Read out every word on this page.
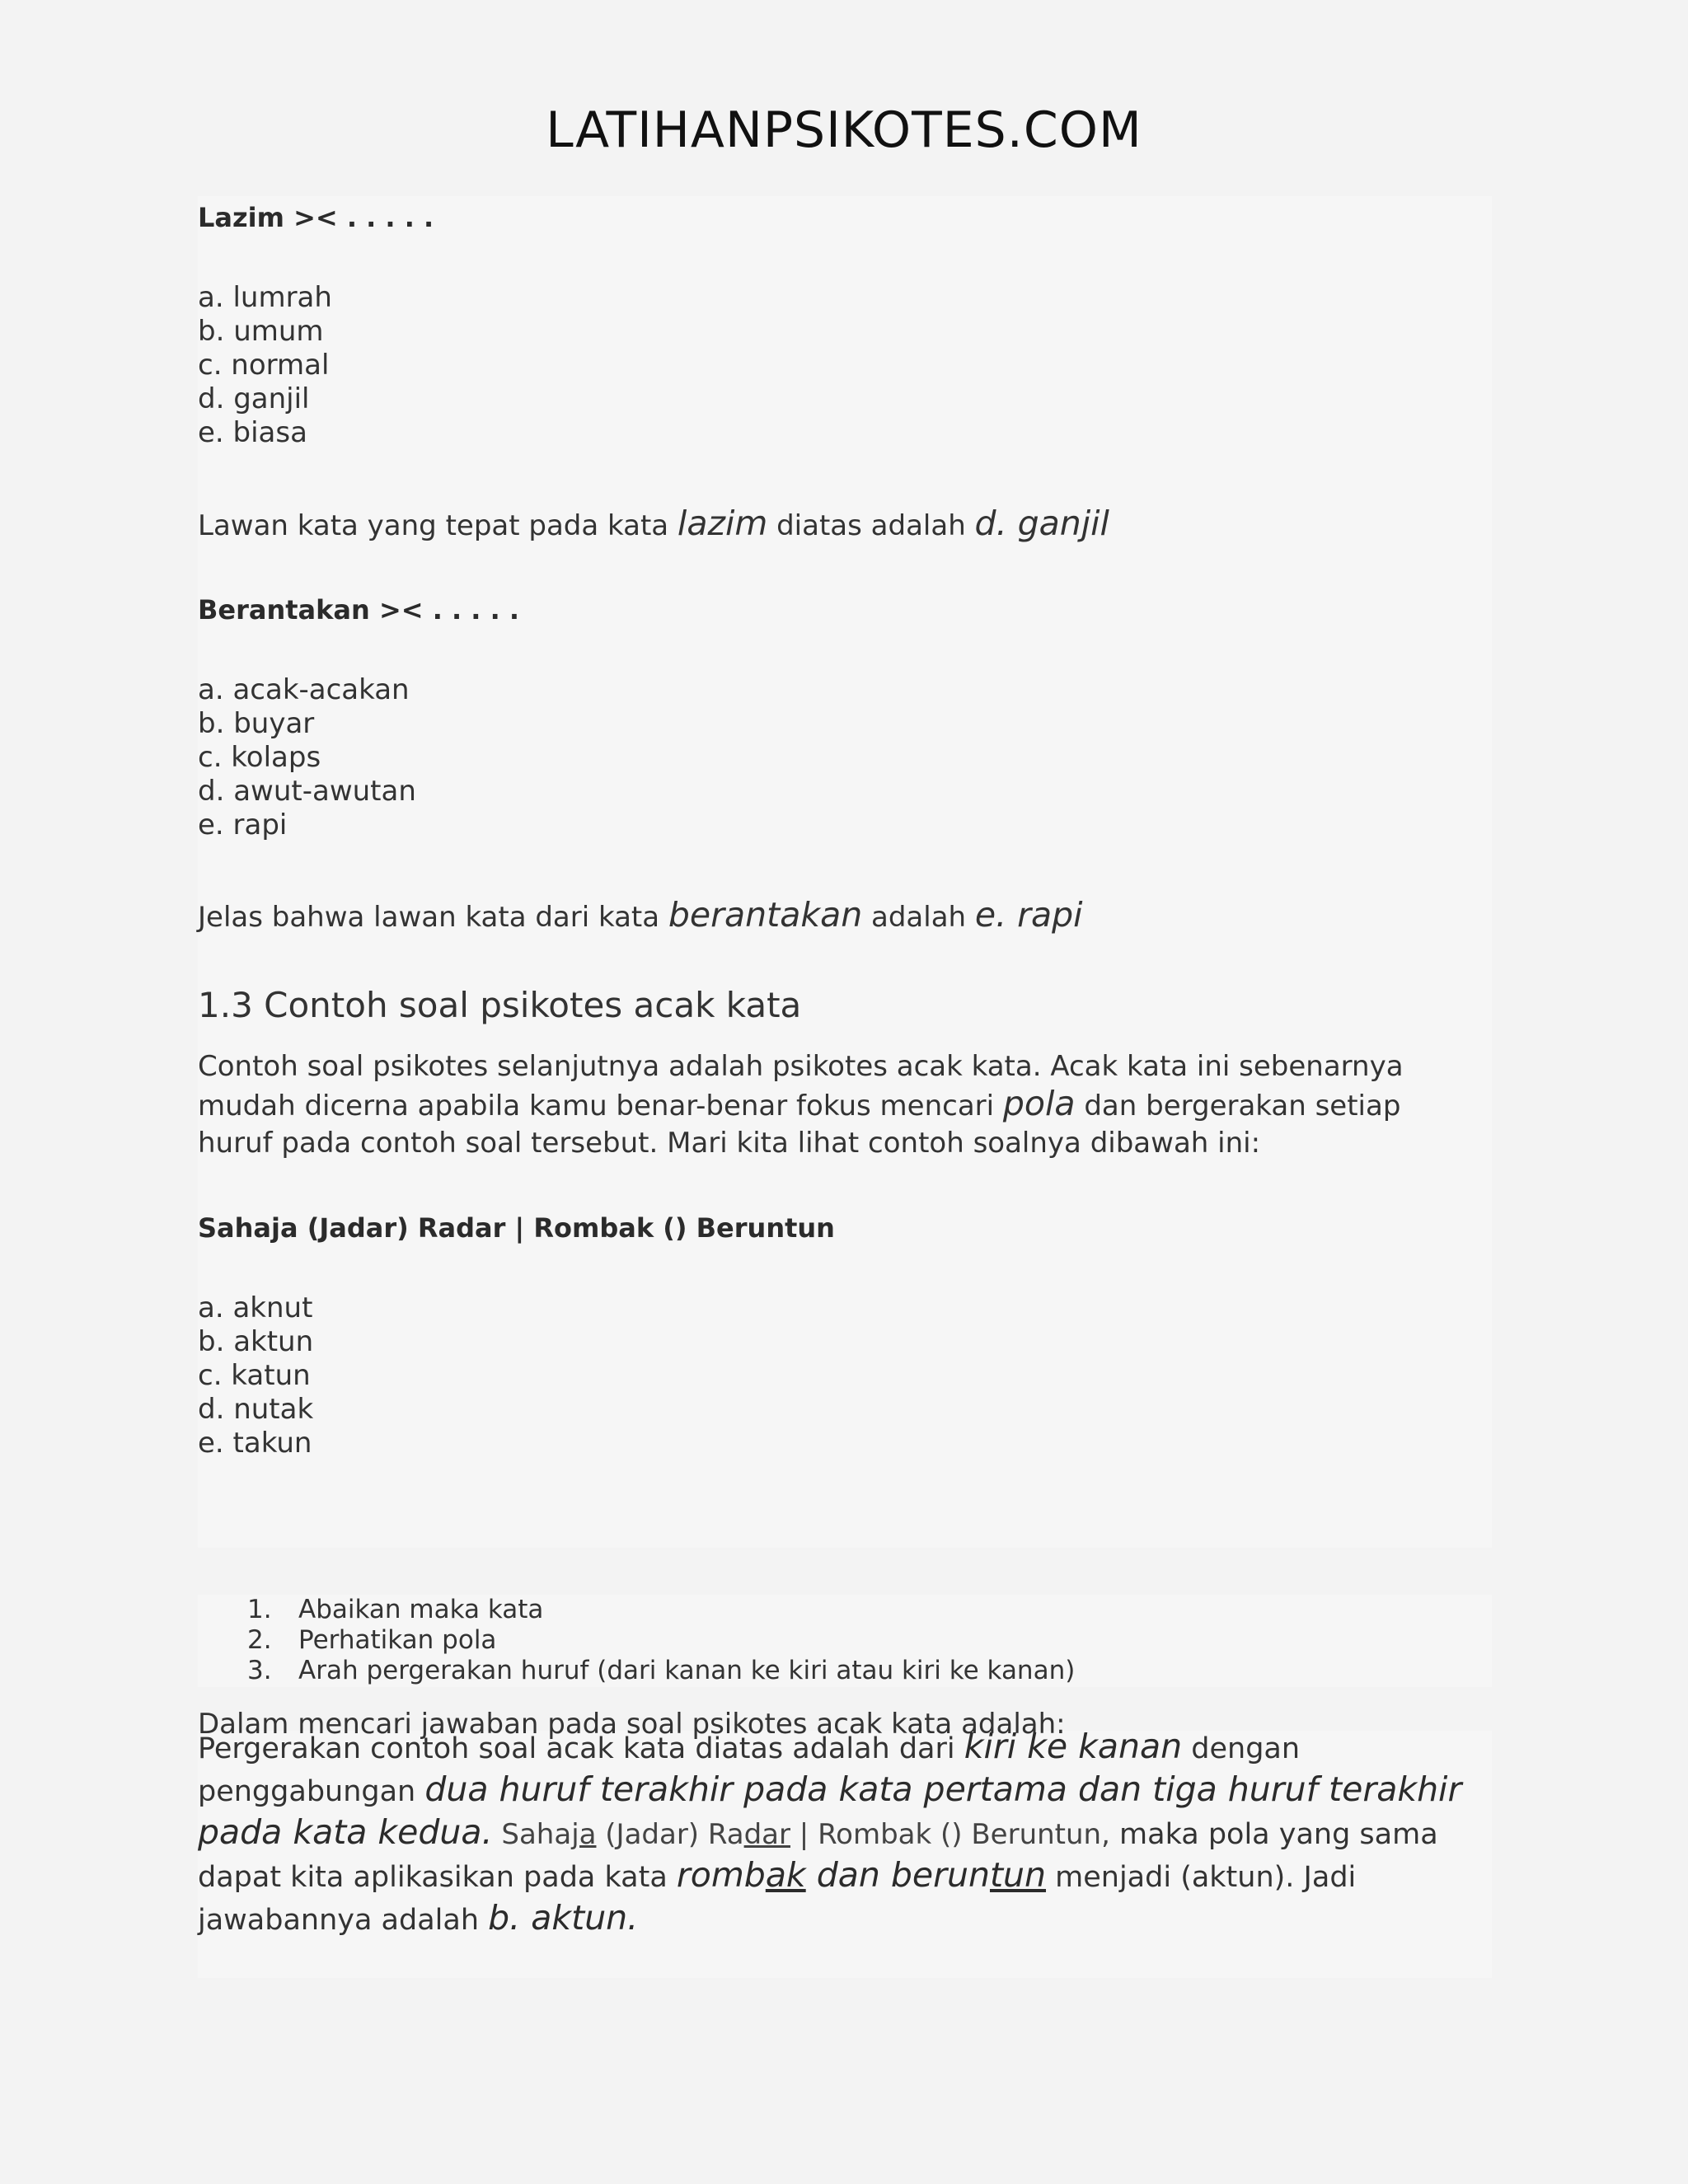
LATIHANPSIKOTES.COM
Lazim >< . . . . .
a. lumrah
b. umum
c. normal
d. ganjil
e. biasa
Lawan kata yang tepat pada kata lazim diatas adalah d. ganjil
Berantakan >< . . . . .
a. acak-acakan
b. buyar
c. kolaps
d. awut-awutan
e. rapi
Jelas bahwa lawan kata dari kata berantakan adalah e. rapi
1.3 Contoh soal psikotes acak kata
Contoh soal psikotes selanjutnya adalah psikotes acak kata. Acak kata ini sebenarnya mudah dicerna apabila kamu benar-benar fokus mencari pola dan bergerakan setiap huruf pada contoh soal tersebut. Mari kita lihat contoh soalnya dibawah ini:
Sahaja (Jadar) Radar | Rombak () Beruntun
a. aknut
b. aktun
c. katun
d. nutak
e. takun
Dalam mencari jawaban pada soal psikotes acak kata adalah:
1. Abaikan maka kata
2. Perhatikan pola
3. Arah pergerakan huruf (dari kanan ke kiri atau kiri ke kanan)
Pergerakan contoh soal acak kata diatas adalah dari kiri ke kanan dengan penggabungan dua huruf terakhir pada kata pertama dan tiga huruf terakhir pada kata kedua. Sahaja (Jadar) Radar | Rombak () Beruntun, maka pola yang sama dapat kita aplikasikan pada kata rombak dan beruntun menjadi (aktun). Jadi jawabannya adalah b. aktun.
